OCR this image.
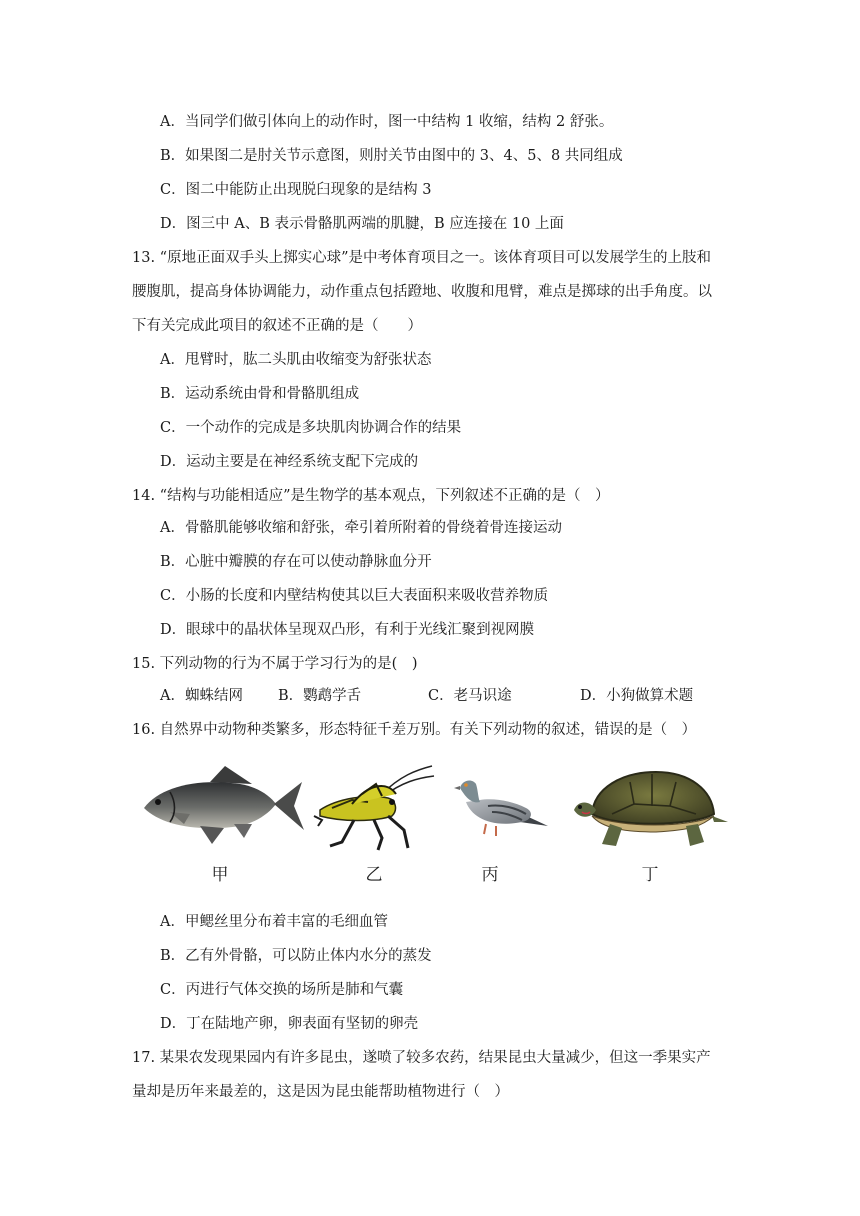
A．当同学们做引体向上的动作时，图一中结构 1 收缩，结构 2 舒张。
B．如果图二是肘关节示意图，则肘关节由图中的 3、4、5、8 共同组成
C．图二中能防止出现脱臼现象的是结构 3
D．图三中 A、B 表示骨骼肌两端的肌腱，B 应连接在 10 上面
13. “原地正面双手头上掷实心球”是中考体育项目之一。该体育项目可以发展学生的上肢和
腰腹肌，提高身体协调能力，动作重点包括蹬地、收腹和甩臂，难点是掷球的出手角度。以
下有关完成此项目的叙述不正确的是（　　）
A．甩臂时，肱二头肌由收缩变为舒张状态
B．运动系统由骨和骨骼肌组成
C．一个动作的完成是多块肌肉协调合作的结果
D．运动主要是在神经系统支配下完成的
14. “结构与功能相适应”是生物学的基本观点，下列叙述不正确的是（　）
A．骨骼肌能够收缩和舒张，牵引着所附着的骨绕着骨连接运动
B．心脏中瓣膜的存在可以使动静脉血分开
C．小肠的长度和内壁结构使其以巨大表面积来吸收营养物质
D．眼球中的晶状体呈现双凸形，有利于光线汇聚到视网膜
15. 下列动物的行为不属于学习行为的是(　)
A．蜘蛛结网 B．鹦鹉学舌	C．老马识途	D．小狗做算术题
16. 自然界中动物种类繁多，形态特征千差万别。有关下列动物的叙述，错误的是（　）
甲	乙	丙	丁
A．甲鳃丝里分布着丰富的毛细血管
B．乙有外骨骼，可以防止体内水分的蒸发
C．丙进行气体交换的场所是肺和气囊
D．丁在陆地产卵，卵表面有坚韧的卵壳
17. 某果农发现果园内有许多昆虫，遂喷了较多农药，结果昆虫大量减少，但这一季果实产
量却是历年来最差的，这是因为昆虫能帮助植物进行（　）
